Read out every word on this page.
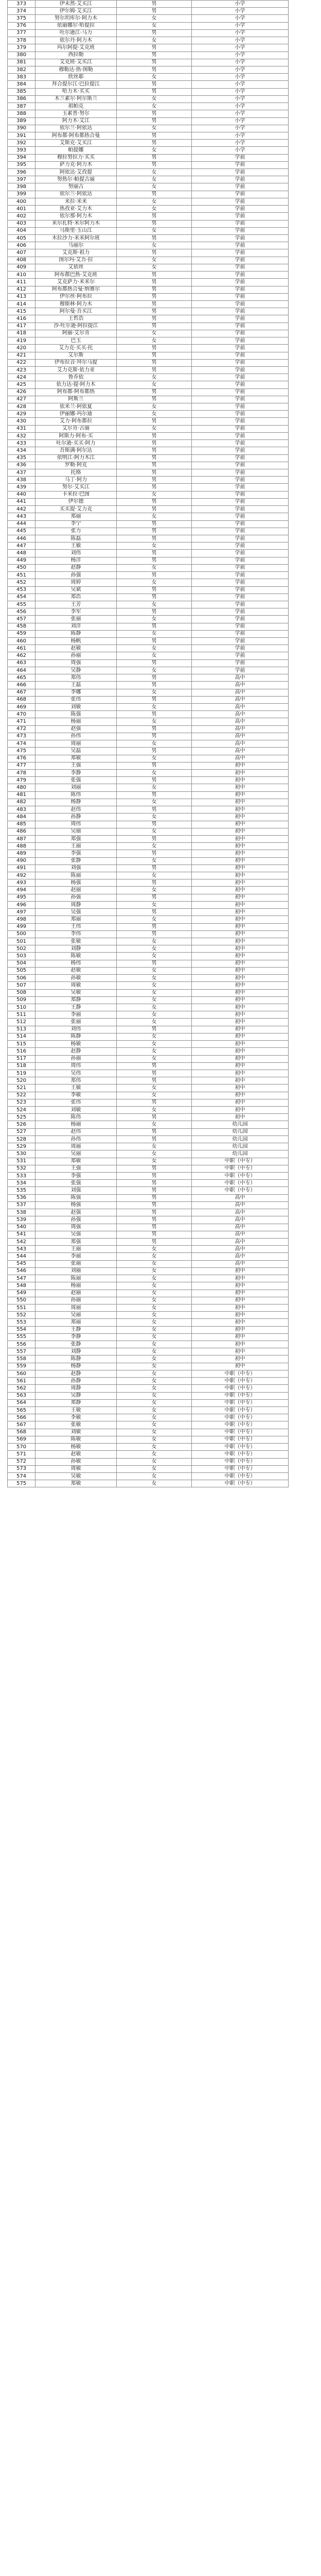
373	伊未然·艾买江	男	小学
374	伊尔姆·艾买江	男	小学
375	努尔坦库尔·阿力木	女	小学
376	依丽娜尔·哈提拉	女	小学
377	吐尔逊江·马力	男	小学
378	依尔丹·阿力木	女	小学
379	玛尔阿提·艾克班	男	小学
380	西拉勒	男	小学
381	艾克班·艾买江	男	小学
382	穆勒达·热·图勒	男	小学
383	欣丝耶	女	小学
384	拜合提尔江·巴拉提江	男	小学
385	哈力木·买买	男	小学
386	木兰素尔·阿尔斯兰	女	小学
387	祖帕克	女	小学
388	玉素普·努尔	男	小学
389	阿力木·艾江	男	小学
390	依尔兰·阿依达	女	小学
391	阿布都·阿布都热合曼	男	小学
392	艾斯克·艾买江	男	小学
393	帕提娜	女	小学
394	穆拉努拉力·买买	男	学前
395	萨力克·阿力木	男	学前
396	阿依达·艾孜提	女	学前
397	努热尔·帕提古丽	女	学前
398	努丽古	女	学前
399	依尔兰·阿依达	男	学前
400	米拉·米米	女	学前
401	热孜亚·艾力木	女	学前
402	依尔那·阿力木	男	学前
403	米尔扎特·米尔阿力木	男	学前
404	马斯里·玉山江	女	学前
405	木拉沙力·米米阿尔班	男	学前
406	马丽尔	女	学前
407	艾克斯·祖力	男	学前
408	图尔玛·艾吾·拉	女	学前
409	艾依丝	女	学前
410	阿布都巴热·艾克班	男	学前
411	艾克萨力·米米尔	男	学前
412	阿布都热合曼·纳赛尔	男	学前
413	伊尔丝·阿布拉	男	学前
414	穆斯林·阿力木	男	学前
415	阿尔曼·吾买江	男	学前
416	王哲浩	男	学前
417	沙·吐尔逊·阿拉提江	男	学前
418	阿丽·艾尔肯	女	学前
419	巴玉	女	学前
420	艾力克·买买·托	男	学前
421	艾尔斯	男	学前
422	伊布拉音·拜尔马提	男	学前
423	艾力克斯·依力亚	男	学前
424	鲁乔依	女	学前
425	依力达·提·阿力木	女	学前
426	阿布都·阿布都热	男	学前
427	阿斯兰	男	学前
428	依米兰·阿依夏	女	学前
429	伊丽娜·玛尔迪	女	学前
430	艾力·阿布都拉	男	学前
431	艾尔肯·古丽	女	学前
432	阿斯力·阿布·买	男	学前
433	吐尔逊·买买·阿力	男	学前
434	吾斯满·阿尔达	男	学前
435	依明江·阿力木江	男	学前
436	罗勒·阿克	男	学前
437	托格	男	学前
438	马丁·阿力	男	学前
439	努尔·艾买江	男	学前
440	卡米拉·巴图	女	学前
441	伊尔德	男	学前
442	买买提·艾力克	男	学前
443	郑丽	女	学前
444	李宁	男	学前
445	张力	男	学前
446	陈磊	男	学前
447	王敏	女	学前
448	刘伟	男	学前
449	杨洋	男	学前
450	赵静	女	学前
451	孙强	男	学前
452	周婷	女	学前
453	吴斌	男	学前
454	郑浩	男	学前
455	王芳	女	学前
456	李军	男	学前
457	张丽	女	学前
458	刘洋	男	学前
459	陈静	女	学前
460	杨帆	男	学前
461	赵敏	女	学前
462	孙丽	女	学前
463	周强	男	学前
464	吴静	女	学前
465	郑伟	男	高中
466	王磊	男	高中
467	李娜	女	高中
468	张伟	男	高中
469	刘敏	女	高中
470	陈强	男	高中
471	杨丽	女	高中
472	赵强	男	高中
473	孙伟	男	高中
474	周丽	女	高中
475	吴磊	男	高中
476	郑敏	女	高中
477	王强	男	初中
478	李静	女	初中
479	张强	男	初中
480	刘丽	女	初中
481	陈伟	男	初中
482	杨静	女	初中
483	赵伟	男	初中
484	孙静	女	初中
485	周伟	男	初中
486	吴丽	女	初中
487	郑强	男	初中
488	王丽	女	初中
489	李强	男	初中
490	张静	女	初中
491	刘强	男	初中
492	陈丽	女	初中
493	杨强	男	初中
494	赵丽	女	初中
495	孙强	男	初中
496	周静	女	初中
497	吴强	男	初中
498	郑丽	女	初中
499	王伟	男	初中
500	李伟	男	初中
501	张敏	女	初中
502	刘静	女	初中
503	陈敏	女	初中
504	杨伟	男	初中
505	赵敏	女	初中
506	孙敏	女	初中
507	周敏	女	初中
508	吴敏	女	初中
509	郑静	女	初中
510	王静	女	初中
511	李丽	女	初中
512	张丽	女	初中
513	刘伟	男	初中
514	陈静	女	初中
515	杨敏	女	初中
516	赵静	女	初中
517	孙丽	女	初中
518	周伟	男	初中
519	吴伟	男	初中
520	郑伟	男	初中
521	王敏	女	初中
522	李敏	女	初中
523	张伟	男	初中
524	刘敏	女	初中
525	陈伟	男	初中
526	杨丽	女	幼儿园
527	赵伟	男	幼儿园
528	孙伟	男	幼儿园
529	周丽	女	幼儿园
530	吴丽	女	幼儿园
531	郑敏	女	中职（中专）
532	王强	男	中职（中专）
533	李强	男	中职（中专）
534	张强	男	中职（中专）
535	刘强	男	中职（中专）
536	陈强	男	高中
537	杨强	男	高中
538	赵强	男	高中
539	孙强	男	高中
540	周强	男	高中
541	吴强	男	高中
542	郑强	男	高中
543	王丽	女	高中
544	李丽	女	高中
545	张丽	女	高中
546	刘丽	女	初中
547	陈丽	女	初中
548	杨丽	女	初中
549	赵丽	女	初中
550	孙丽	女	初中
551	周丽	女	初中
552	吴丽	女	初中
553	郑丽	女	初中
554	王静	女	初中
555	李静	女	初中
556	张静	女	初中
557	刘静	女	初中
558	陈静	女	初中
559	杨静	女	初中
560	赵静	女	中职（中专）
561	孙静	女	中职（中专）
562	周静	女	中职（中专）
563	吴静	女	中职（中专）
564	郑静	女	中职（中专）
565	王敏	女	中职（中专）
566	李敏	女	中职（中专）
567	张敏	女	中职（中专）
568	刘敏	女	中职（中专）
569	陈敏	女	中职（中专）
570	杨敏	女	中职（中专）
571	赵敏	女	中职（中专）
572	孙敏	女	中职（中专）
573	周敏	女	中职（中专）
574	吴敏	女	中职（中专）
575	郑敏	女	中职（中专）
